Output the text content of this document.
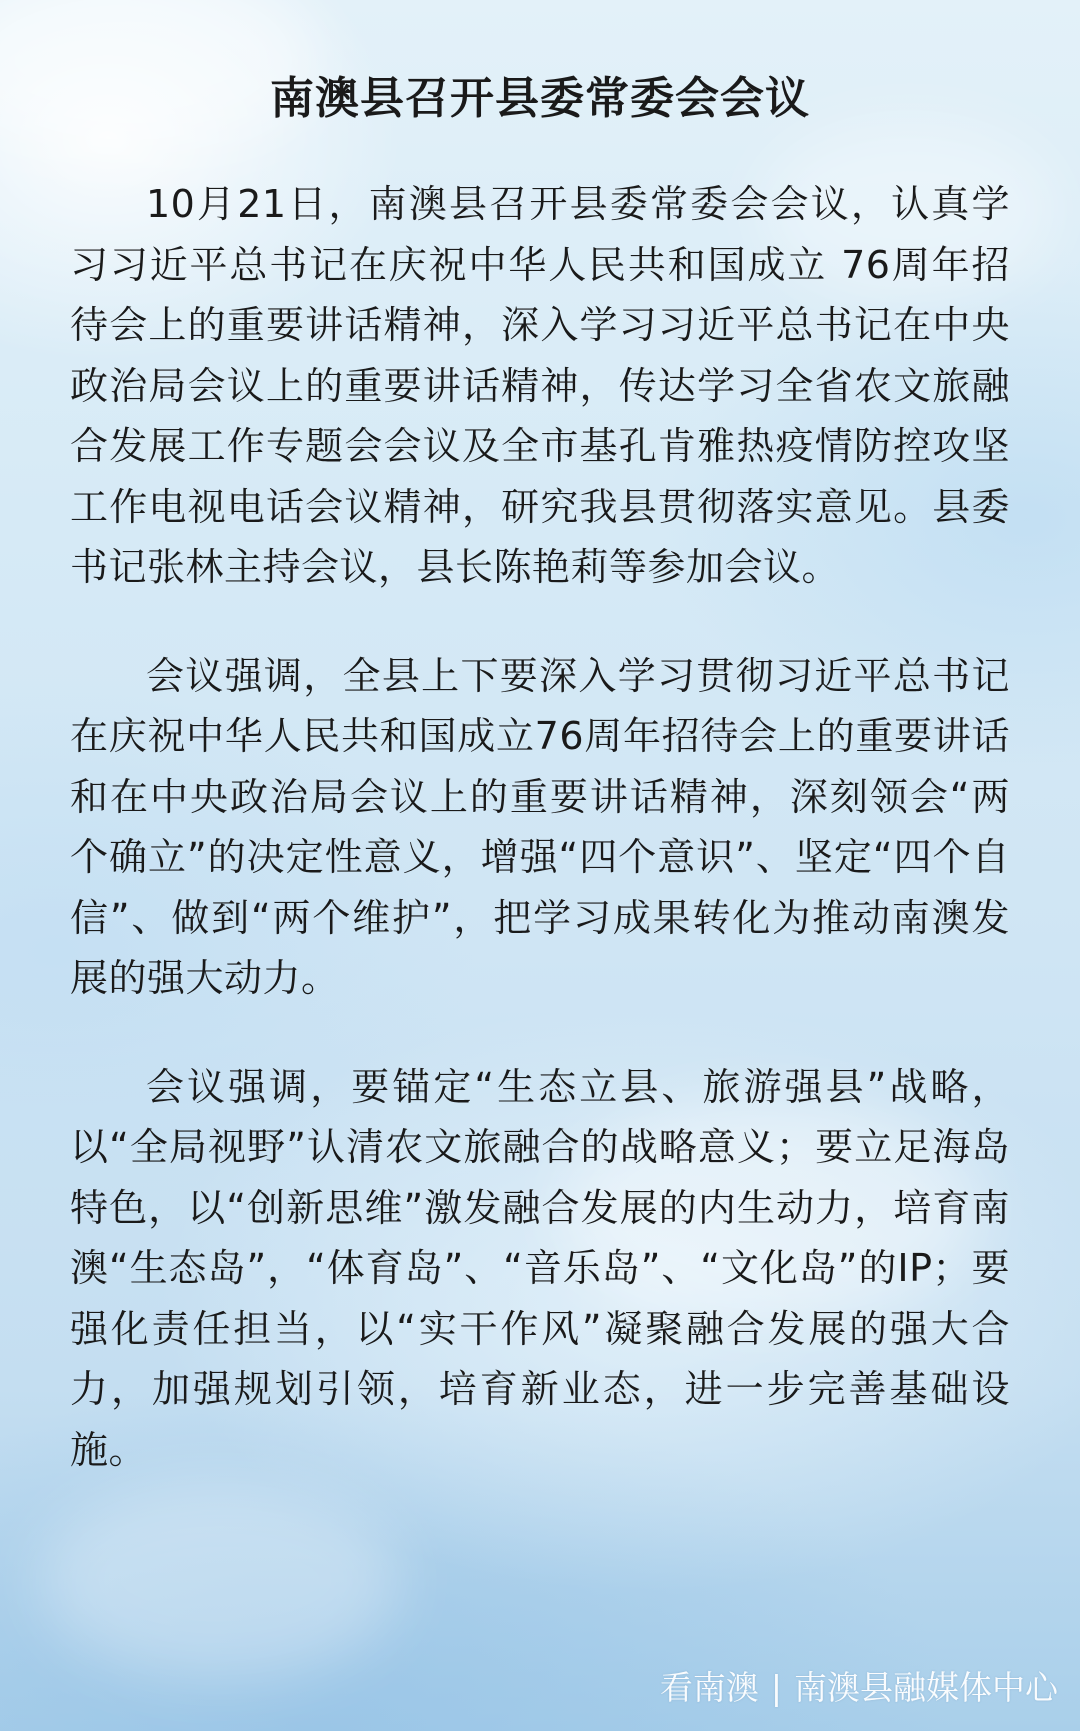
南澳县召开县委常委会会议

10月21日，南澳县召开县委常委会会议，认真学习习近平总书记在庆祝中华人民共和国成立 76周年招待会上的重要讲话精神，深入学习习近平总书记在中央政治局会议上的重要讲话精神，传达学习全省农文旅融合发展工作专题会会议及全市基孔肯雅热疫情防控攻坚工作电视电话会议精神，研究我县贯彻落实意见。县委书记张林主持会议，县长陈艳莉等参加会议。

会议强调，全县上下要深入学习贯彻习近平总书记在庆祝中华人民共和国成立76周年招待会上的重要讲话和在中央政治局会议上的重要讲话精神，深刻领会“两个确立”的决定性意义，增强“四个意识”、坚定“四个自信”、做到“两个维护”，把学习成果转化为推动南澳发展的强大动力。

会议强调，要锚定“生态立县、旅游强县”战略，以“全局视野”认清农文旅融合的战略意义；要立足海岛特色，以“创新思维”激发融合发展的内生动力，培育南澳“生态岛”，“体育岛”、“音乐岛”、“文化岛”的IP；要强化责任担当，以“实干作风”凝聚融合发展的强大合力，加强规划引领，培育新业态，进一步完善基础设施。

看南澳 | 南澳县融媒体中心
